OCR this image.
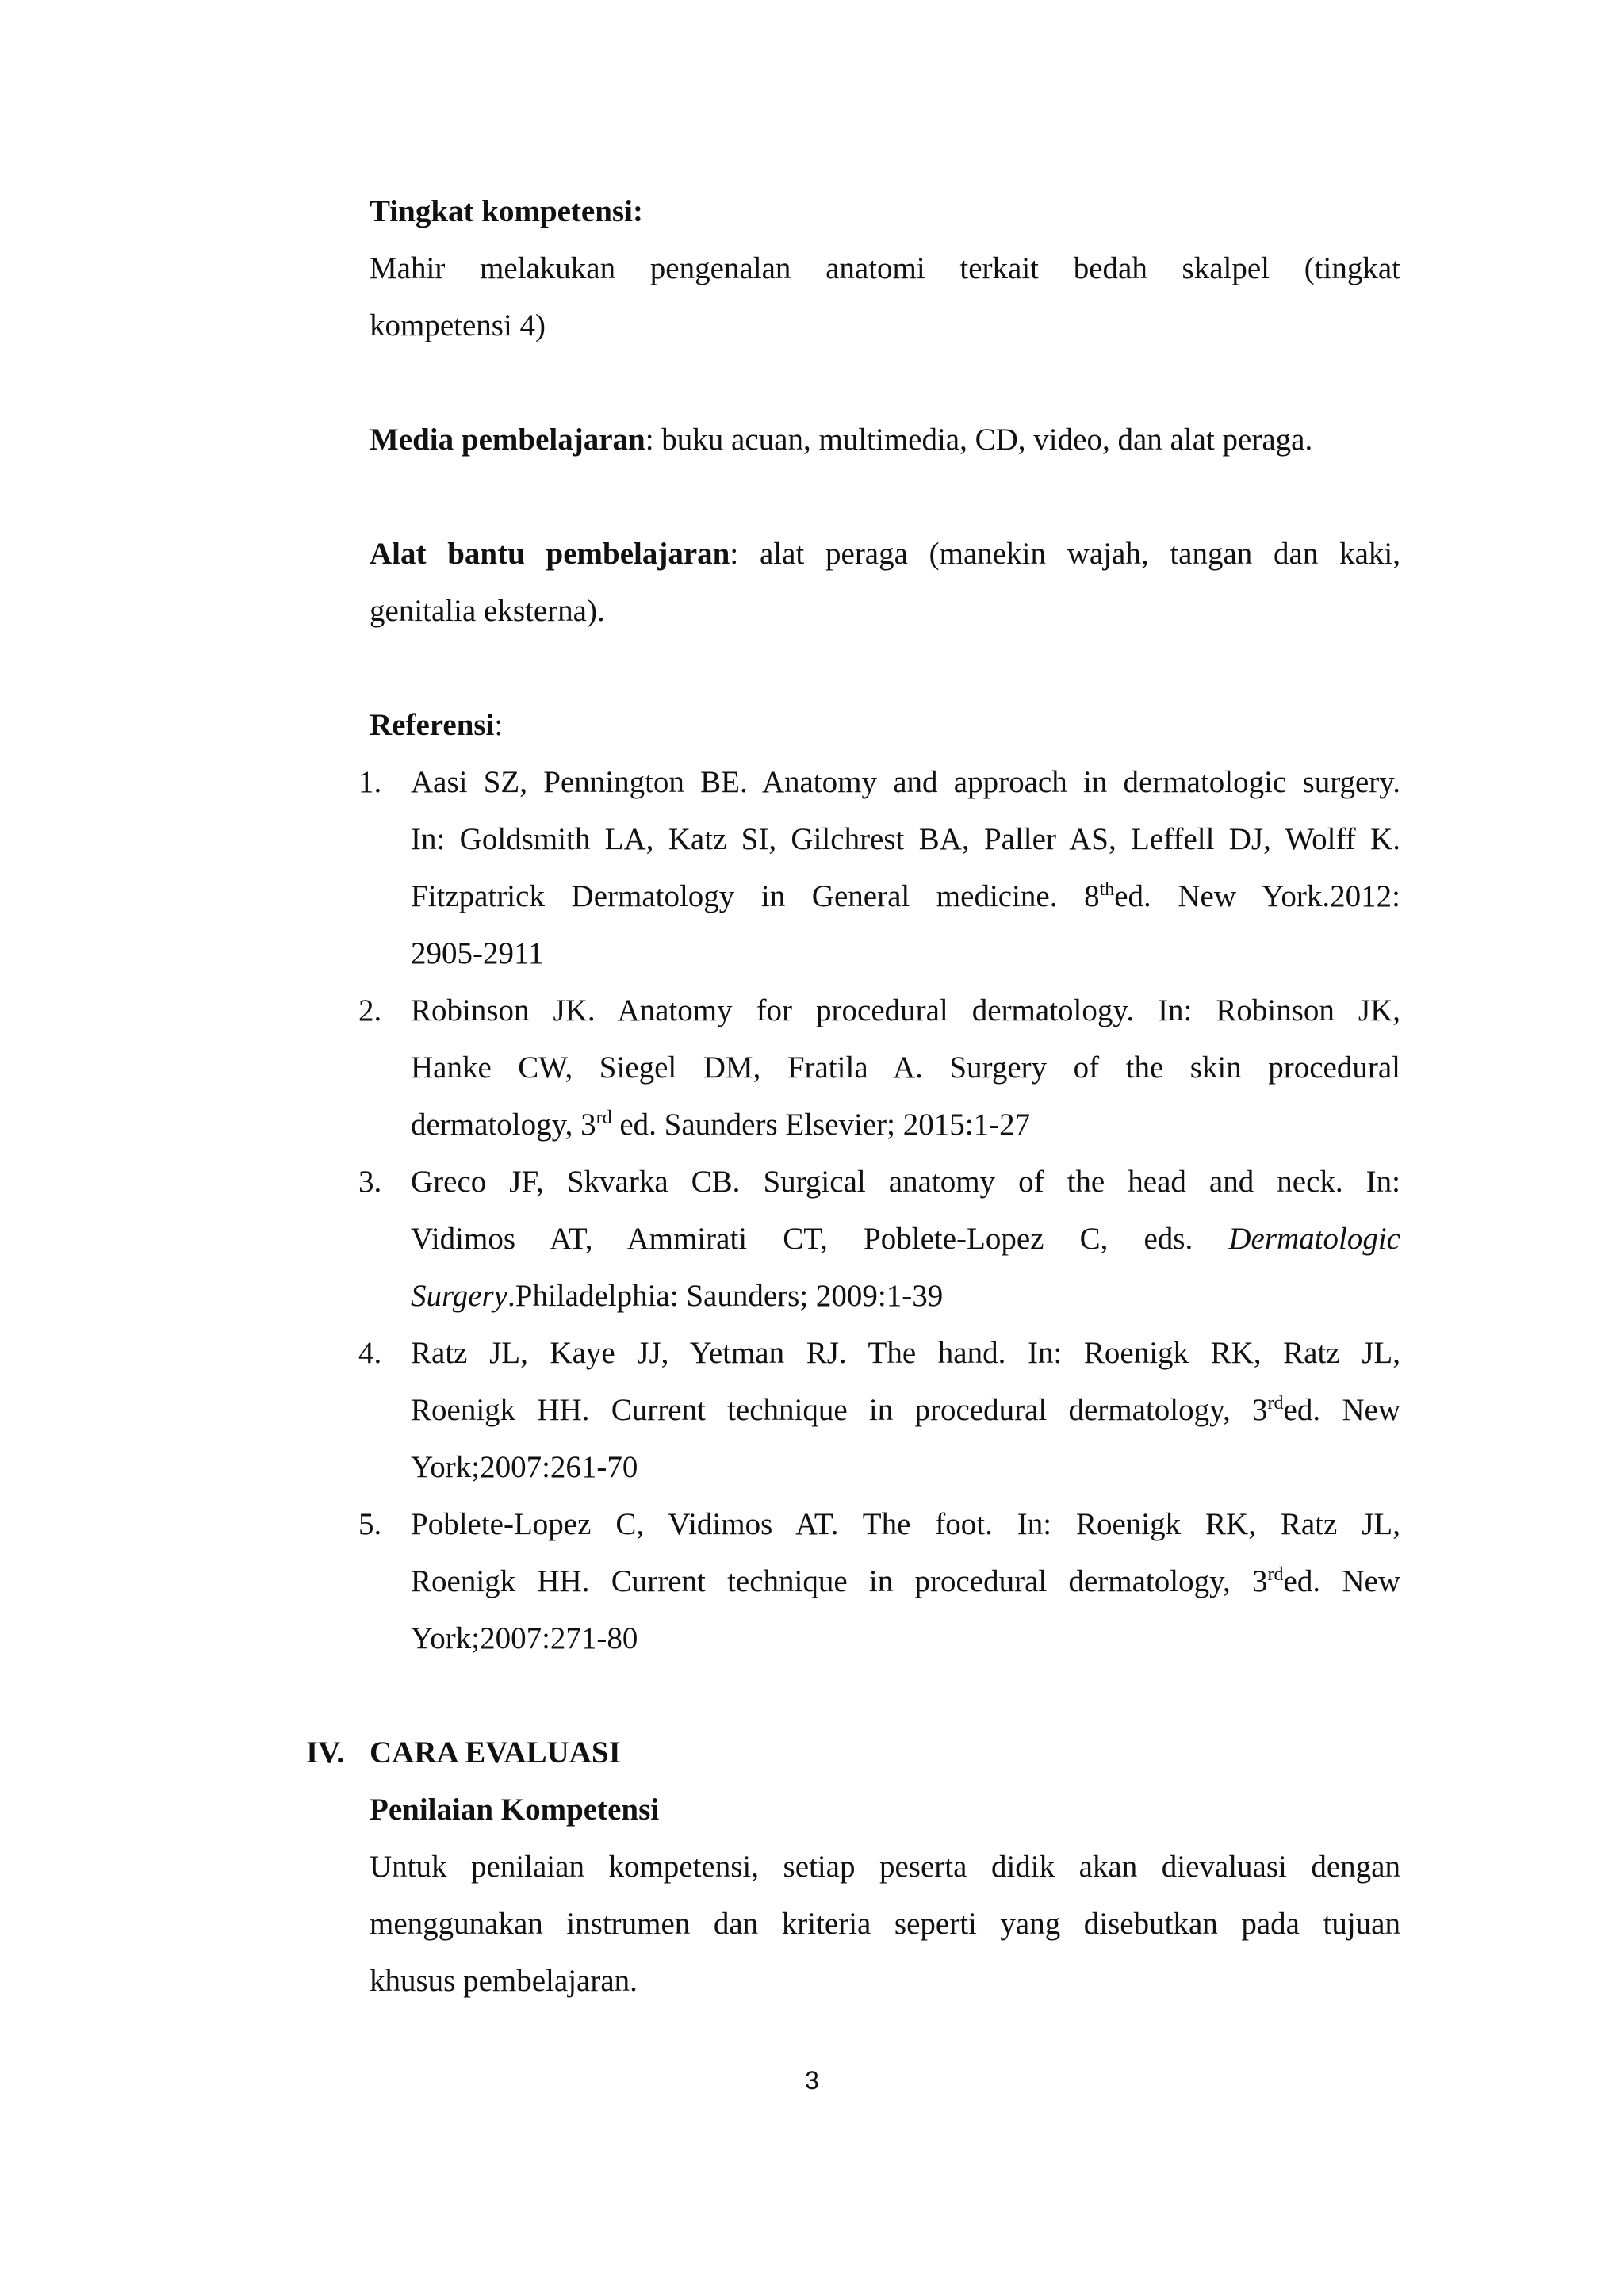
Tingkat kompetensi:
Mahir melakukan pengenalan anatomi terkait bedah skalpel (tingkat
kompetensi 4)
Media pembelajaran: buku acuan, multimedia, CD, video, dan alat peraga.
Alat bantu pembelajaran: alat peraga (manekin wajah, tangan dan kaki,
genitalia eksterna).
Referensi:
1. Aasi SZ, Pennington BE. Anatomy and approach in dermatologic surgery.
In: Goldsmith LA, Katz SI, Gilchrest BA, Paller AS, Leffell DJ, Wolff K.
Fitzpatrick Dermatology in General medicine. 8thed. New York.2012:
2905-2911
2. Robinson JK. Anatomy for procedural dermatology. In: Robinson JK,
Hanke CW, Siegel DM, Fratila A. Surgery of the skin procedural
dermatology, 3rd ed. Saunders Elsevier; 2015:1-27
3. Greco JF, Skvarka CB. Surgical anatomy of the head and neck. In:
Vidimos AT, Ammirati CT, Poblete-Lopez C, eds. Dermatologic
Surgery.Philadelphia: Saunders; 2009:1-39
4. Ratz JL, Kaye JJ, Yetman RJ. The hand. In: Roenigk RK, Ratz JL,
Roenigk HH. Current technique in procedural dermatology, 3rded. New
York;2007:261-70
5. Poblete-Lopez C, Vidimos AT. The foot. In: Roenigk RK, Ratz JL,
Roenigk HH. Current technique in procedural dermatology, 3rded. New
York;2007:271-80
IV. CARA EVALUASI
Penilaian Kompetensi
Untuk penilaian kompetensi, setiap peserta didik akan dievaluasi dengan
menggunakan instrumen dan kriteria seperti yang disebutkan pada tujuan
khusus pembelajaran.
3
